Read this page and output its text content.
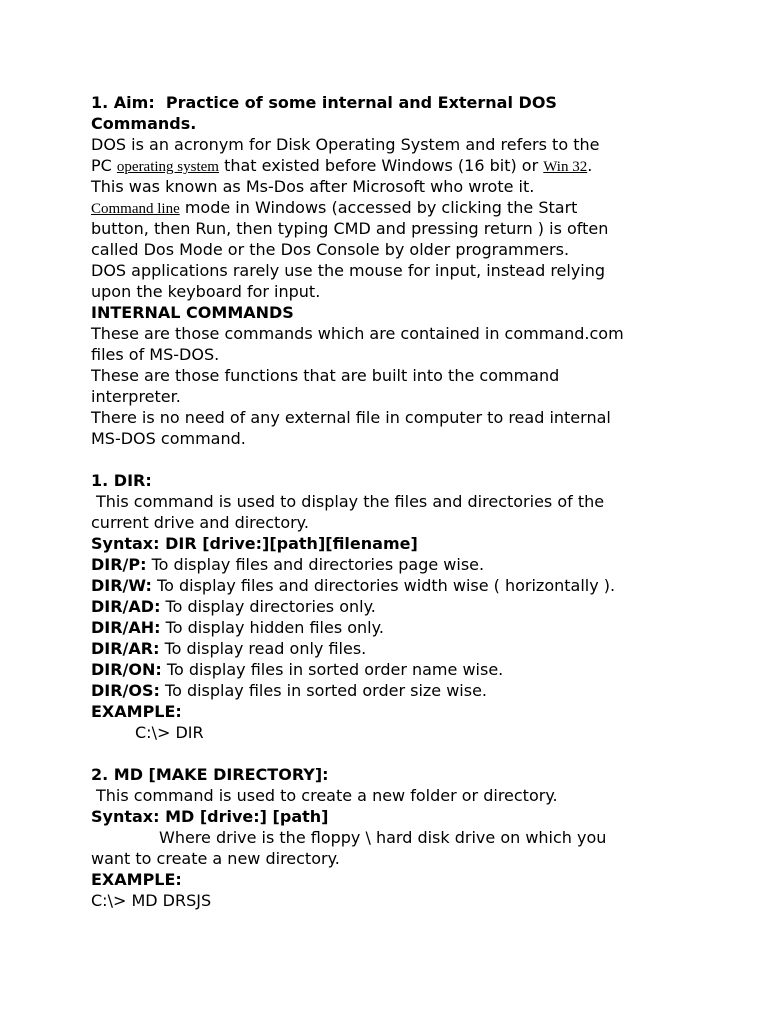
1. Aim:  Practice of some internal and External DOS
Commands.
DOS is an acronym for Disk Operating System and refers to the
PC operating system that existed before Windows (16 bit) or Win 32.
This was known as Ms-Dos after Microsoft who wrote it.
Command line mode in Windows (accessed by clicking the Start
button, then Run, then typing CMD and pressing return ) is often
called Dos Mode or the Dos Console by older programmers.
DOS applications rarely use the mouse for input, instead relying
upon the keyboard for input.
INTERNAL COMMANDS
These are those commands which are contained in command.com
files of MS-DOS.
These are those functions that are built into the command
interpreter.
There is no need of any external file in computer to read internal
MS-DOS command.
1. DIR:
This command is used to display the files and directories of the
current drive and directory.
Syntax: DIR [drive:][path][filename]
DIR/P: To display files and directories page wise.
DIR/W: To display files and directories width wise ( horizontally ).
DIR/AD: To display directories only.
DIR/AH: To display hidden files only.
DIR/AR: To display read only files.
DIR/ON: To display files in sorted order name wise.
DIR/OS: To display files in sorted order size wise.
EXAMPLE:
C:\> DIR
2. MD [MAKE DIRECTORY]:
This command is used to create a new folder or directory.
Syntax: MD [drive:] [path]
Where drive is the floppy \ hard disk drive on which you
want to create a new directory.
EXAMPLE:
C:\> MD DRSJS
